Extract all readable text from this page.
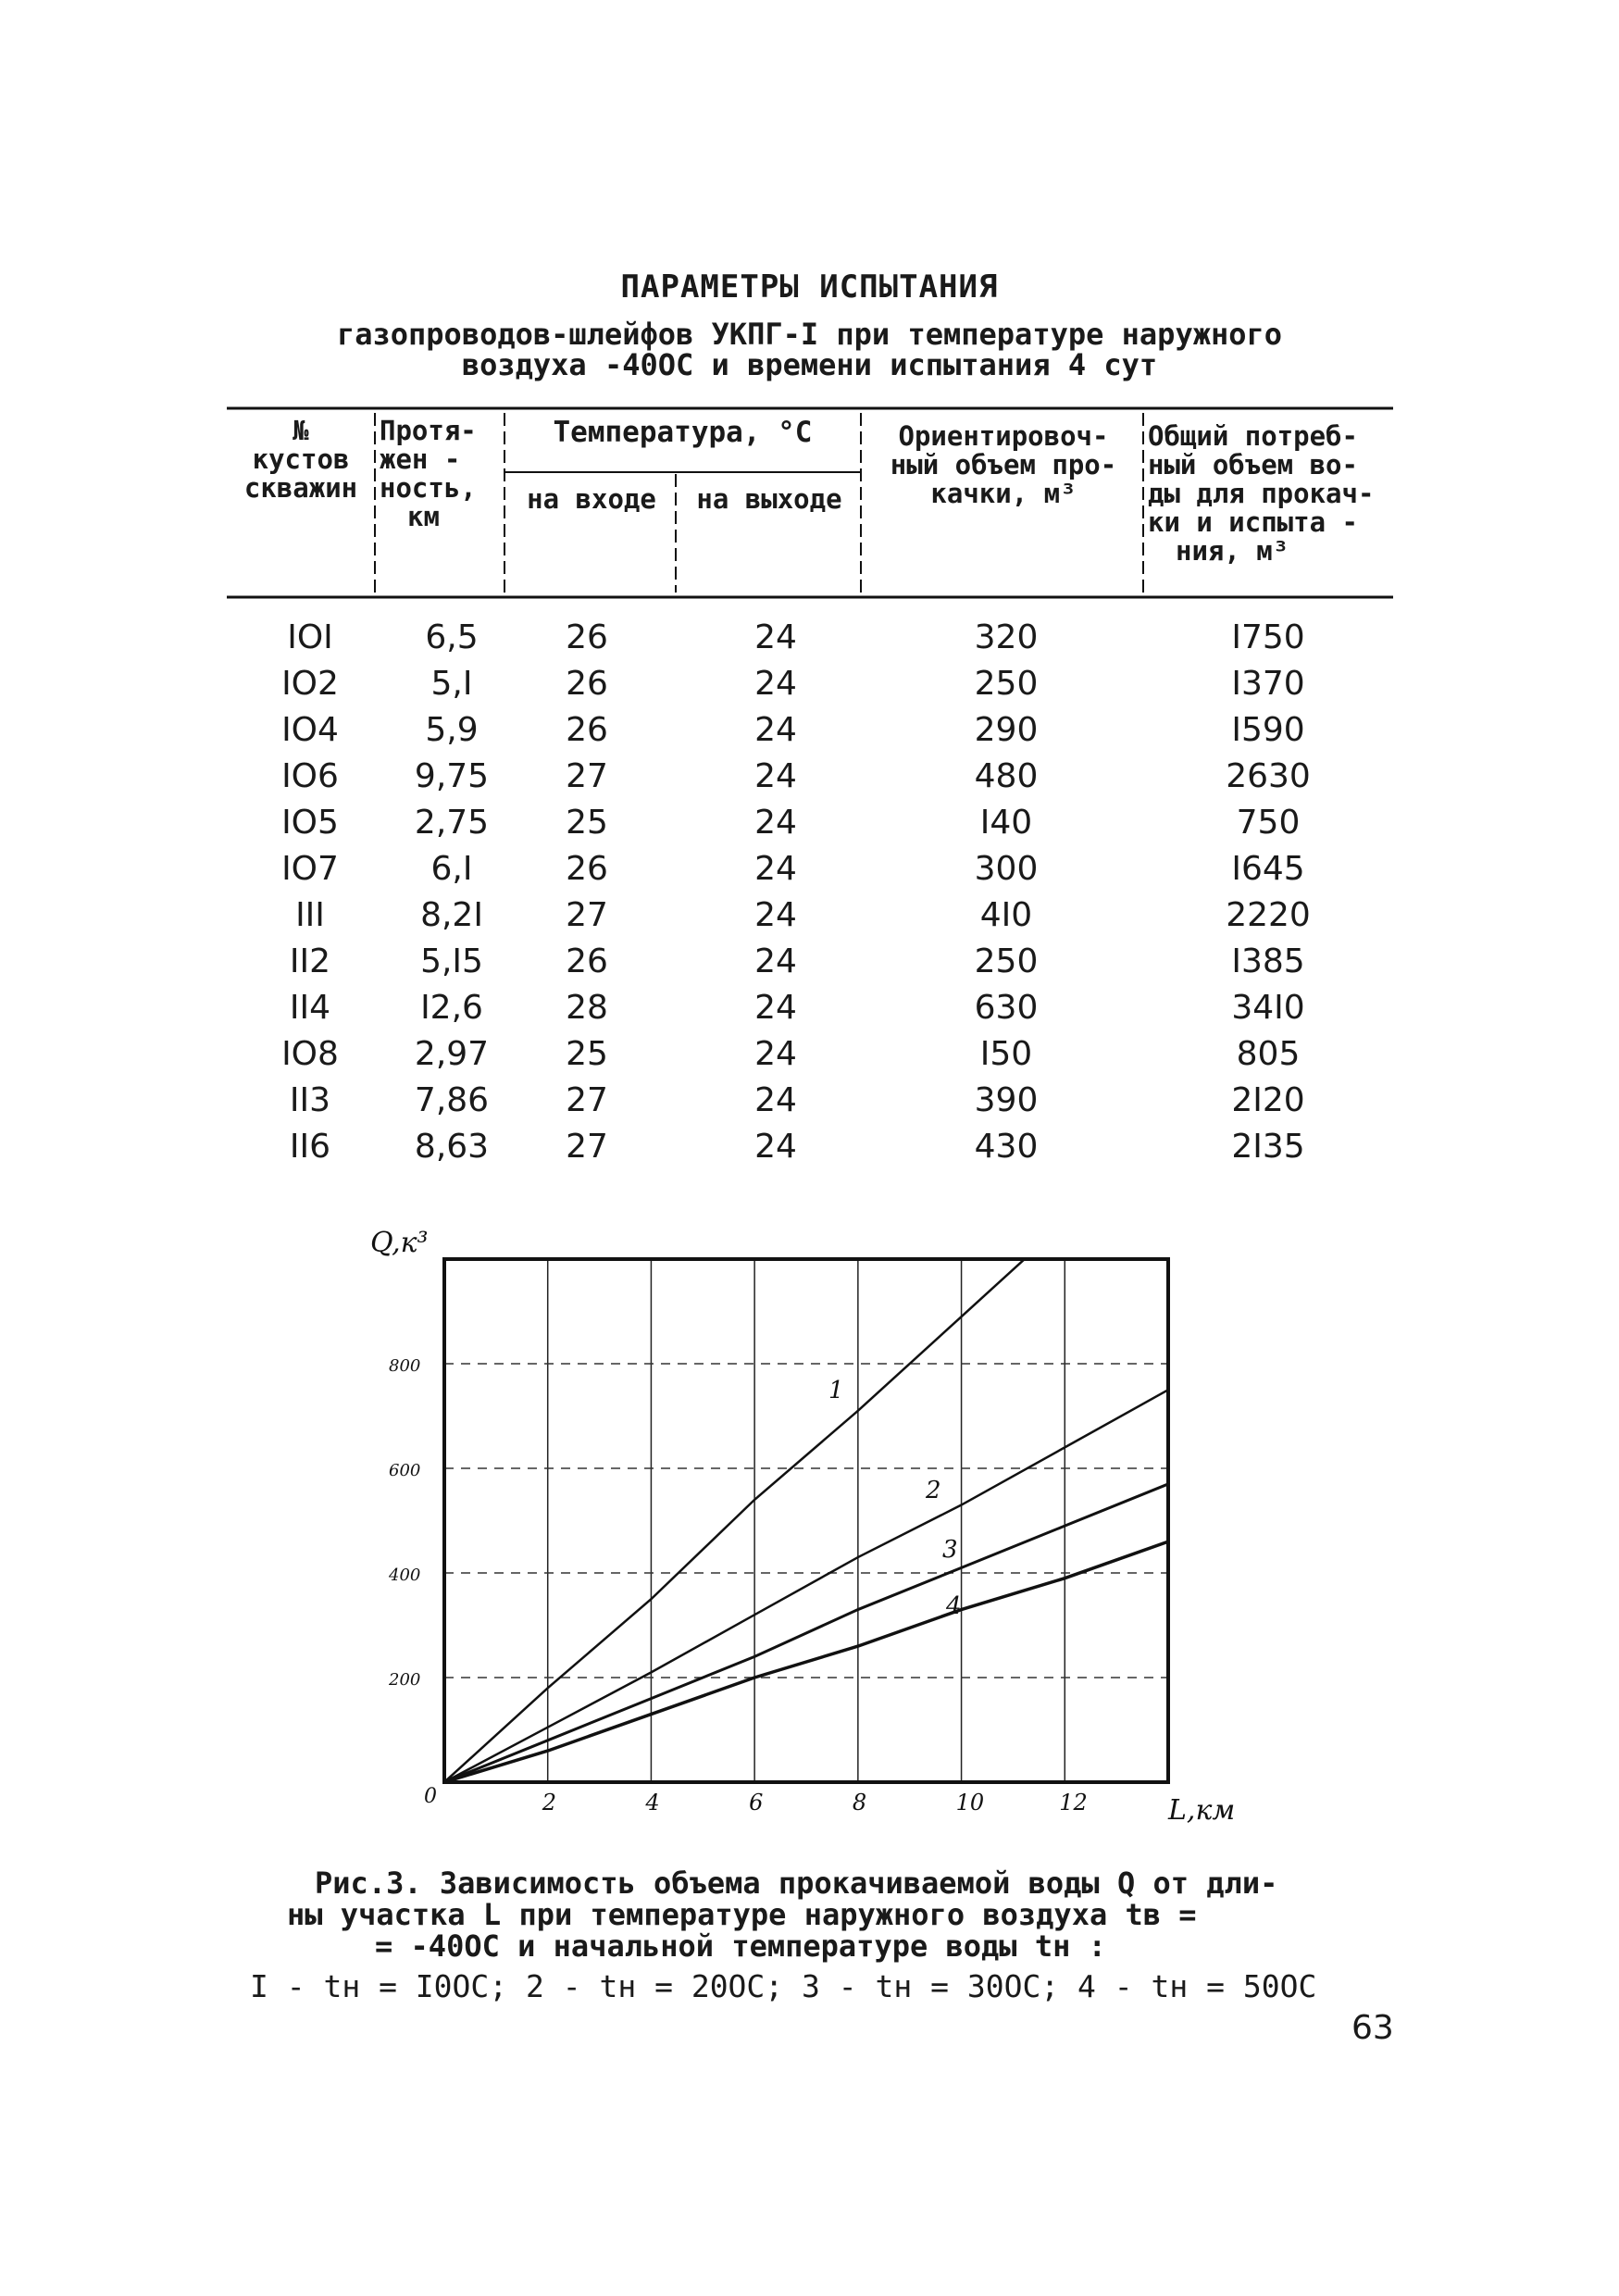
ПАРАМЕТРЫ ИСПЫТАНИЯ
газопроводов-шлейфов УКПГ-I при температуре наружного
воздуха -40ОС и времени испытания 4 сут
№
кустов
скважин
Протя-
жен -
ность,
км
Температура, °С
на входе	на выходе
Ориентировоч-
ный объем про-
качки, м³
Общий потреб-
ный объем во-
ды для прокач-
ки и испыта -
ния, м³
IOI	6,5	26	24	320	I750
IO2	5,I	26	24	250	I370
IO4	5,9	26	24	290	I590
IO6	9,75	27	24	480	2630
IO5	2,75	25	24	I40	750
IO7	6,I	26	24	300	I645
III	8,2I	27	24	4I0	2220
II2	5,I5	26	24	250	I385
II4	I2,6	28	24	630	34I0
IO8	2,97	25	24	I50	805
II3	7,86	27	24	390	2I20
II6	8,63	27	24	430	2I35
1
2
3
4
2	4	6	8	10	12
200
400
600
800
0
Q,к³
L,км
Рис.3. Зависимость объема прокачиваемой воды Q от дли-
ны участка L при температуре наружного воздуха tв =
= -40ОС и начальной температуре воды tн :
I - tн = I0ОС; 2 - tн = 20ОС; 3 - tн = 30ОС; 4 - tн = 50ОС
63
